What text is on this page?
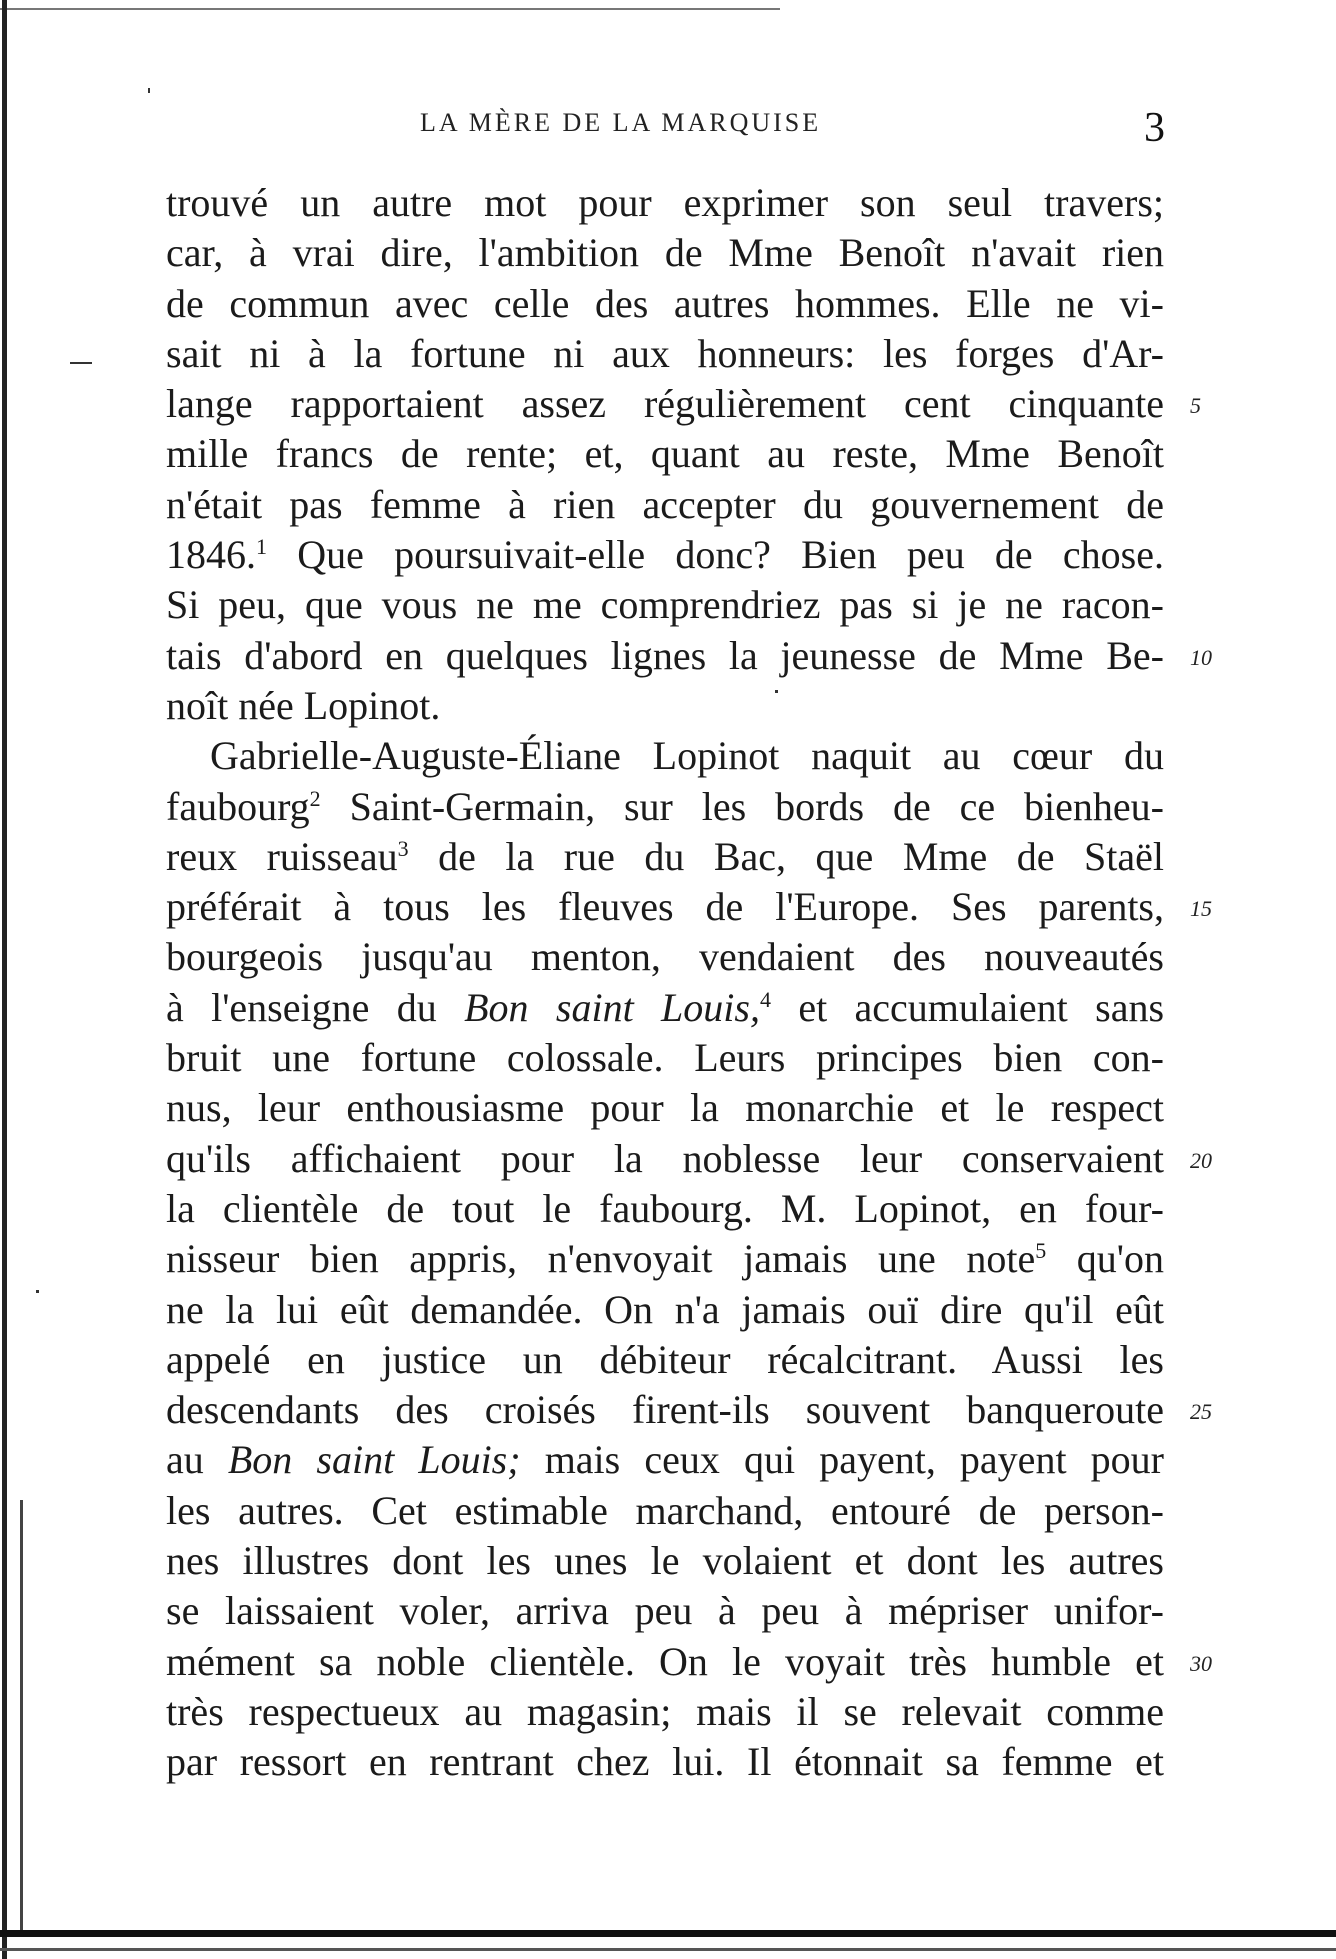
LA MÈRE DE LA MARQUISE	3
trouvé un autre mot pour exprimer son seul travers;
car, à vrai dire, l'ambition de Mme Benoît n'avait rien
de commun avec celle des autres hommes. Elle ne vi-
sait ni à la fortune ni aux honneurs: les forges d'Ar-
lange rapportaient assez régulièrement cent cinquante
mille francs de rente; et, quant au reste, Mme Benoît
n'était pas femme à rien accepter du gouvernement de
1846.$^1$ Que poursuivait-elle donc? Bien peu de chose.
Si peu, que vous ne me comprendriez pas si je ne racon-
tais d'abord en quelques lignes la jeunesse de Mme Be-
noît née Lopinot.
Gabrielle-Auguste-Éliane Lopinot naquit au cœur du
faubourg$^2$ Saint-Germain, sur les bords de ce bienheu-
reux ruisseau$^3$ de la rue du Bac, que Mme de Staël
préférait à tous les fleuves de l'Europe. Ses parents,
bourgeois jusqu'au menton, vendaient des nouveautés
à l'enseigne du Bon saint Louis,$^4$ et accumulaient sans
bruit une fortune colossale. Leurs principes bien con-
nus, leur enthousiasme pour la monarchie et le respect
qu'ils affichaient pour la noblesse leur conservaient
la clientèle de tout le faubourg. M. Lopinot, en four-
nisseur bien appris, n'envoyait jamais une note$^5$ qu'on
ne la lui eût demandée. On n'a jamais ouï dire qu'il eût
appelé en justice un débiteur récalcitrant. Aussi les
descendants des croisés firent-ils souvent banqueroute
au Bon saint Louis; mais ceux qui payent, payent pour
les autres. Cet estimable marchand, entouré de person-
nes illustres dont les unes le volaient et dont les autres
se laissaient voler, arriva peu à peu à mépriser unifor-
mément sa noble clientèle. On le voyait très humble et
très respectueux au magasin; mais il se relevait comme
par ressort en rentrant chez lui. Il étonnait sa femme et
5
10
15
20
25
30
